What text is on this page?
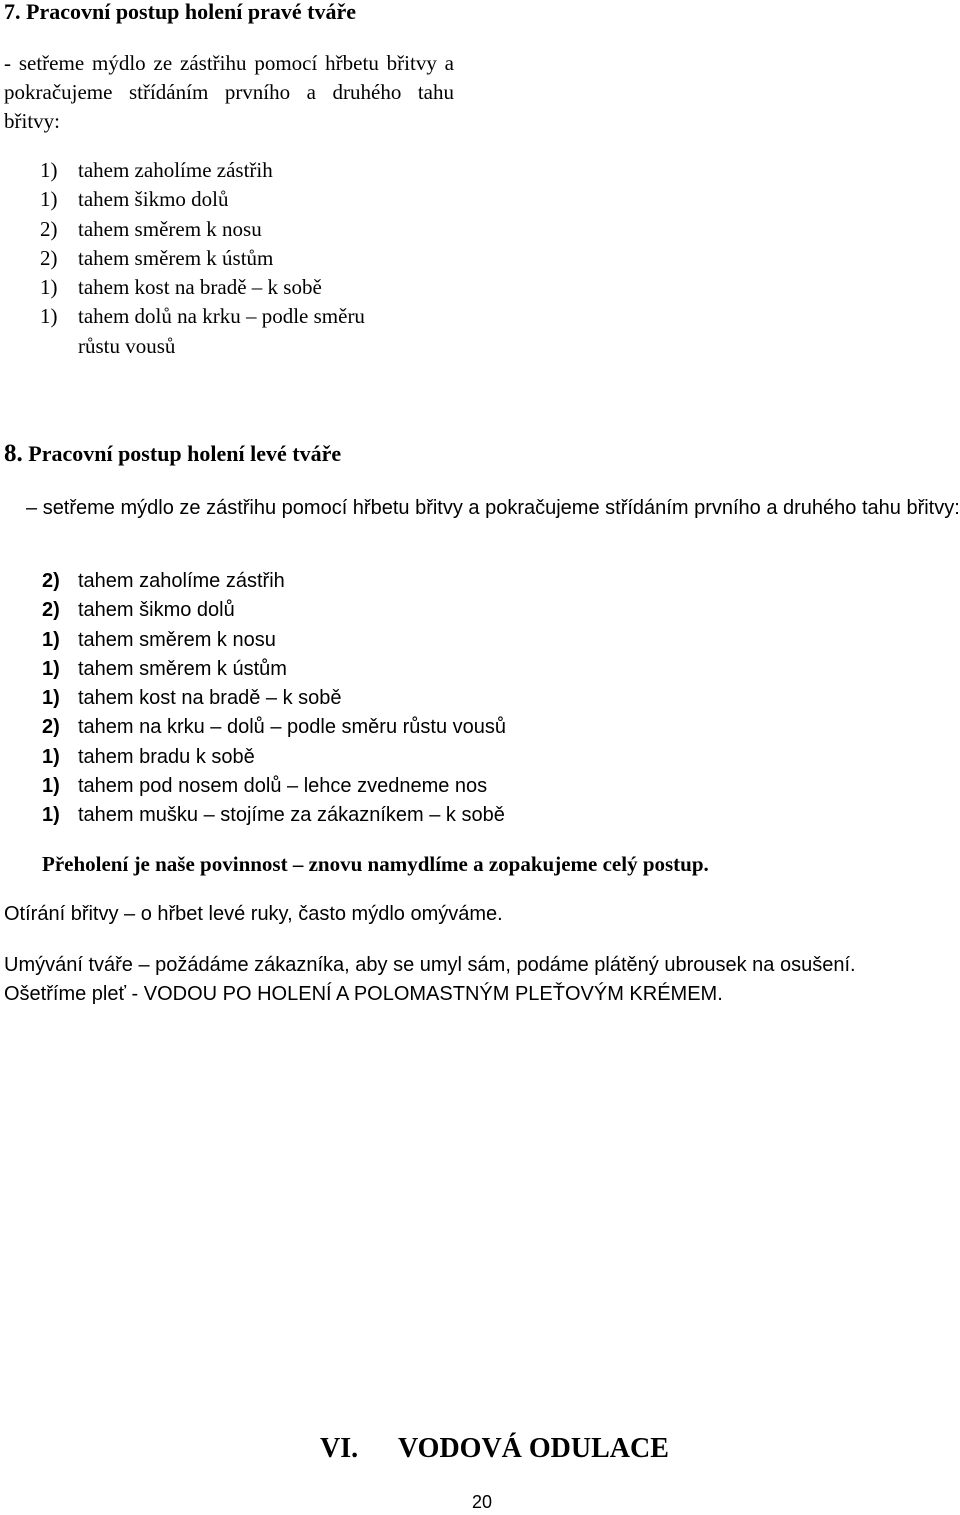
7. Pracovní postup holení pravé tváře
- setřeme mýdlo ze zástřihu pomocí hřbetu břitvy a pokračujeme střídáním prvního a druhého tahu břitvy:
1) tahem zaholíme zástřih
1) tahem šikmo dolů
2) tahem směrem k nosu
2) tahem směrem k ústům
1) tahem kost na bradě – k sobě
1) tahem dolů na krku – podle směru
růstu vousů
8. Pracovní postup holení levé tváře
– setřeme mýdlo ze zástřihu pomocí hřbetu břitvy a pokračujeme střídáním prvního a druhého tahu břitvy:
2) tahem zaholíme zástřih
2) tahem šikmo dolů
1) tahem směrem k nosu
1) tahem směrem k ústům
1) tahem kost na bradě – k sobě
2) tahem na krku – dolů – podle směru růstu vousů
1) tahem bradu k sobě
1) tahem pod nosem dolů – lehce zvedneme nos
1) tahem mušku – stojíme za zákazníkem – k sobě
Přeholení je naše povinnost – znovu namydlíme a zopakujeme celý postup.
Otírání břitvy – o hřbet levé ruky, často mýdlo omýváme.
Umývání tváře – požádáme zákazníka, aby se umyl sám, podáme plátěný ubrousek na osušení.
Ošetříme pleť - VODOU PO HOLENÍ A POLOMASTNÝM PLEŤOVÝM KRÉMEM.
VI. VODOVÁ ODULACE
20
